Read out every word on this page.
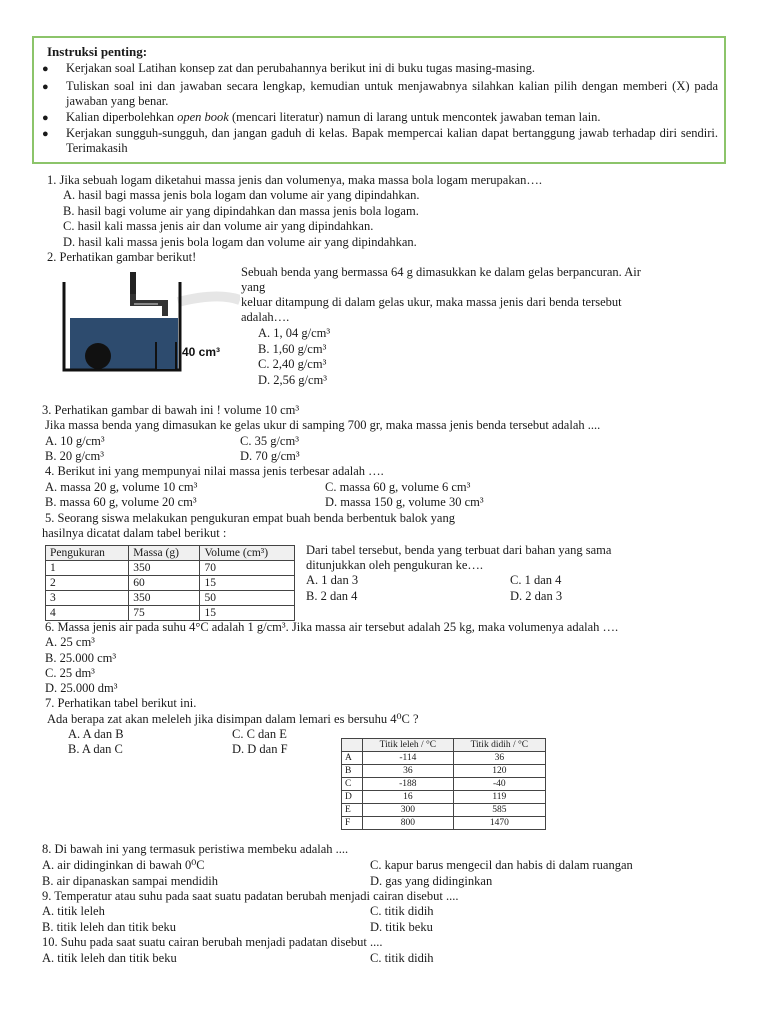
Instruksi penting:
● Kerjakan soal Latihan konsep zat dan perubahannya berikut ini di buku tugas masing-masing.
● Tuliskan soal ini dan jawaban secara lengkap, kemudian untuk menjawabnya silahkan kalian pilih dengan memberi (X) pada jawaban yang benar.
● Kalian diperbolehkan open book (mencari literatur) namun di larang untuk mencontek jawaban teman lain.
● Kerjakan sungguh-sungguh, dan jangan gaduh di kelas. Bapak mempercai kalian dapat bertanggung jawab terhadap diri sendiri. Terimakasih
1. Jika sebuah logam diketahui massa jenis dan volumenya, maka massa bola logam merupakan….
A. hasil bagi massa jenis bola logam dan volume air yang dipindahkan.
B. hasil bagi volume air yang dipindahkan dan massa jenis bola logam.
C. hasil kali massa jenis air dan volume air yang dipindahkan.
D. hasil kali massa jenis bola logam dan volume air yang dipindahkan.
2. Perhatikan gambar berikut!
40 cm³
Sebuah benda yang bermassa 64 g dimasukkan ke dalam gelas berpancuran. Air
yang
keluar ditampung di dalam gelas ukur, maka massa jenis dari benda tersebut
adalah….
A. 1, 04 g/cm³
B. 1,60 g/cm³
C. 2,40 g/cm³
D. 2,56 g/cm³
3. Perhatikan gambar di bawah ini ! volume 10 cm³
Jika massa benda yang dimasukan ke gelas ukur di samping 700 gr, maka massa jenis benda tersebut adalah ....
A. 10 g/cm³	C. 35 g/cm³
B. 20 g/cm³	D. 70 g/cm³
4. Berikut ini yang mempunyai nilai massa jenis terbesar adalah ….
A. massa 20 g, volume 10 cm³	C. massa 60 g, volume 6 cm³
B. massa 60 g, volume 20 cm³	D. massa 150 g, volume 30 cm³
5. Seorang siswa melakukan pengukuran empat buah benda berbentuk balok yang
hasilnya dicatat dalam tabel berikut :
Pengukuran	Massa (g)	Volume (cm³)
1	350	70
2	60	15
3	350	50
4	75	15
Dari tabel tersebut, benda yang terbuat dari bahan yang sama
ditunjukkan oleh pengukuran ke….
A. 1 dan 3	C. 1 dan 4
B. 2 dan 4	D. 2 dan 3
6. Massa jenis air pada suhu 4°C adalah 1 g/cm³. Jika massa air tersebut adalah 25 kg, maka volumenya adalah ….
A. 25 cm³
B. 25.000 cm³
C. 25 dm³
D. 25.000 dm³
7. Perhatikan tabel berikut ini.
Ada berapa zat akan meleleh jika disimpan dalam lemari es bersuhu 4⁰C ?
A. A dan B	C. C dan E
B. A dan C	D. D dan F
		Titik leleh / °C	Titik didih / °C
A	-114	36
B	36	120
C	-188	-40
D	16	119
E	300	585
F	800	1470
8. Di bawah ini yang termasuk peristiwa membeku adalah ....
A. air didinginkan di bawah 0⁰C	C. kapur barus mengecil dan habis di dalam ruangan
B. air dipanaskan sampai mendidih	D. gas yang didinginkan
9. Temperatur atau suhu pada saat suatu padatan berubah menjadi cairan disebut ....
A. titik leleh	C. titik didih
B. titik leleh dan titik beku	D. titik beku
10. Suhu pada saat suatu cairan berubah menjadi padatan disebut ....
A. titik leleh dan titik beku	C. titik didih
